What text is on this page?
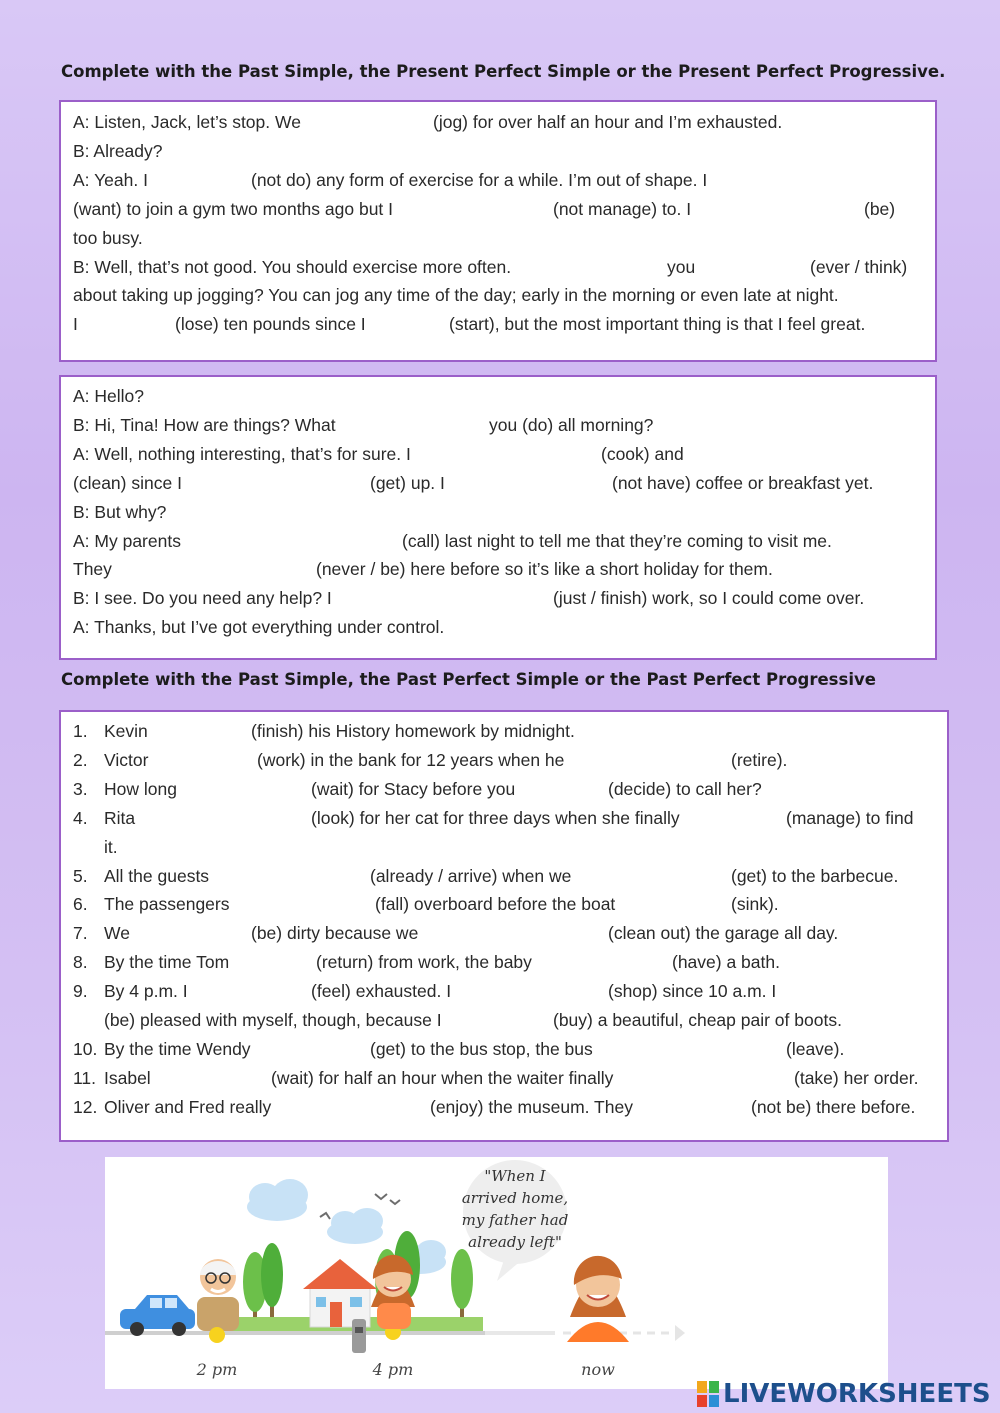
Complete with the Past Simple, the Present Perfect Simple or the Present Perfect Progressive.
A: Listen, Jack, let’s stop. We	(jog) for over half an hour and I’m exhausted.
B: Already?
A: Yeah. I	(not do) any form of exercise for a while. I’m out of shape. I
(want) to join a gym two months ago but I	(not manage) to. I	(be)
too busy.
B: Well, that’s not good. You should exercise more often.	you	(ever / think)
about taking up jogging? You can jog any time of the day; early in the morning or even late at night.
I	(lose) ten pounds since I	(start), but the most important thing is that I feel great.
A: Hello?
B: Hi, Tina! How are things? What	you (do) all morning?
A: Well, nothing interesting, that’s for sure. I	(cook) and
(clean) since I	(get) up. I	(not have) coffee or breakfast yet.
B: But why?
A: My parents	(call) last night to tell me that they’re coming to visit me.
They	(never / be) here before so it’s like a short holiday for them.
B: I see. Do you need any help? I	(just / finish) work, so I could come over.
A: Thanks, but I’ve got everything under control.
Complete with the Past Simple, the Past Perfect Simple or the Past Perfect Progressive
1. Kevin	(finish) his History homework by midnight.
2. Victor	(work) in the bank for 12 years when he	(retire).
3. How long	(wait) for Stacy before you	(decide) to call her?
4. Rita	(look) for her cat for three days when she finally	(manage) to find
it.
5. All the guests	(already / arrive) when we	(get) to the barbecue.
6. The passengers	(fall) overboard before the boat	(sink).
7. We	(be) dirty because we	(clean out) the garage all day.
8. By the time Tom	(return) from work, the baby	(have) a bath.
9. By 4 p.m. I	(feel) exhausted. I	(shop) since 10 a.m. I
(be) pleased with myself, though, because I	(buy) a beautiful, cheap pair of boots.
10. By the time Wendy	(get) to the bus stop, the bus	(leave).
11. Isabel	(wait) for half an hour when the waiter finally	(take) her order.
12. Oliver and Fred really	(enjoy) the museum. They	(not be) there before.
"When I
arrived home,
my father had
already left"
2 pm	4 pm	now
LIVEWORKSHEETS
